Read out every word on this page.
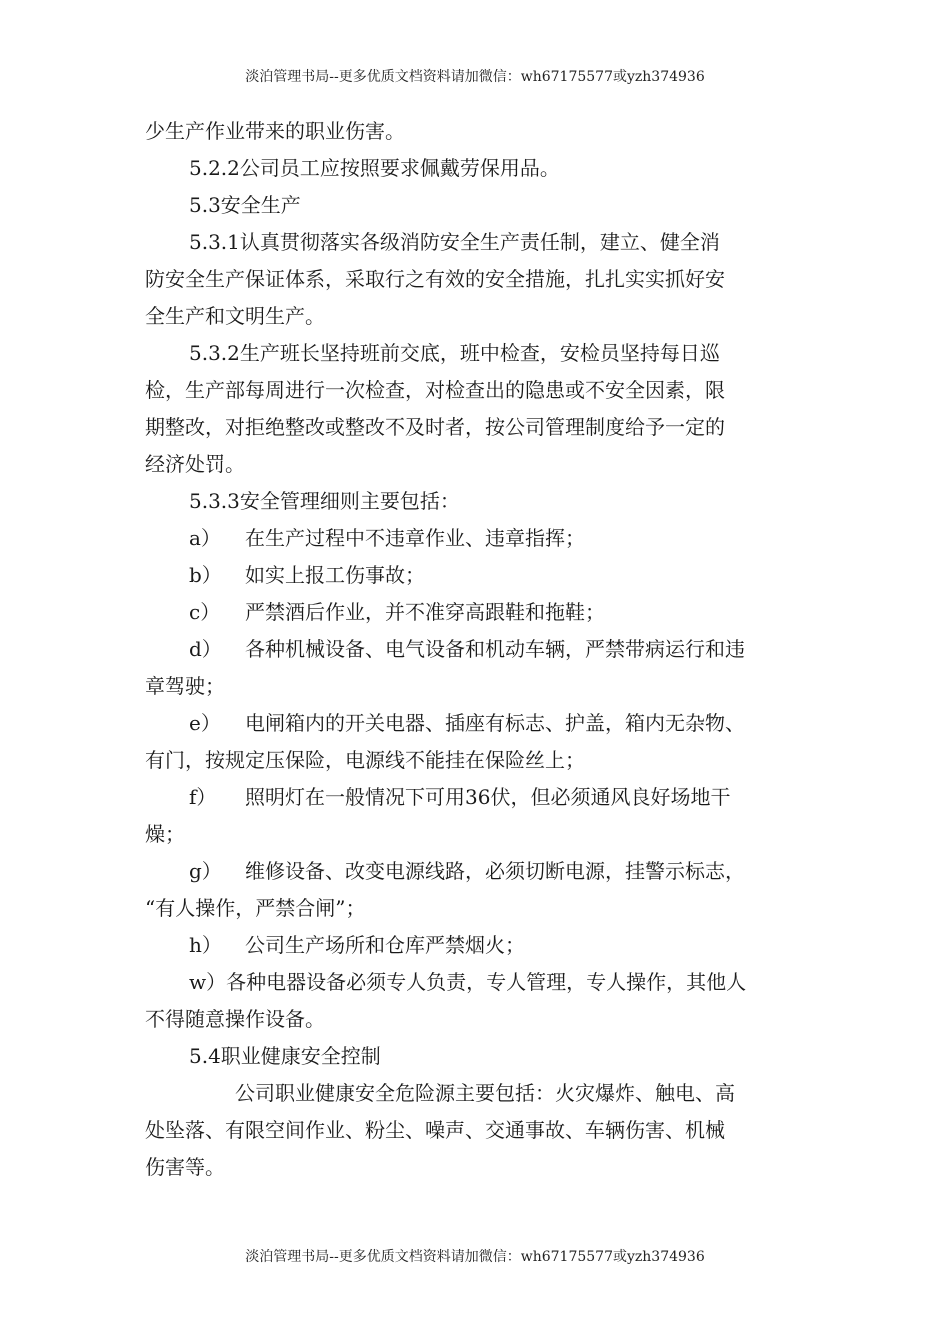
淡泊管理书局--更多优质文档资料请加微信：wh67175577或yzh374936

少生产作业带来的职业伤害。

5.2.2公司员工应按照要求佩戴劳保用品。

5.3安全生产

5.3.1认真贯彻落实各级消防安全生产责任制，建立、健全消

防安全生产保证体系，采取行之有效的安全措施，扎扎实实抓好安

全生产和文明生产。

5.3.2生产班长坚持班前交底，班中检查，安检员坚持每日巡

检，生产部每周进行一次检查，对检查出的隐患或不安全因素，限

期整改，对拒绝整改或整改不及时者，按公司管理制度给予一定的

经济处罚。

5.3.3安全管理细则主要包括：

a） 在生产过程中不违章作业、违章指挥；

b） 如实上报工伤事故；

c） 严禁酒后作业，并不准穿高跟鞋和拖鞋；

d） 各种机械设备、电气设备和机动车辆，严禁带病运行和违

章驾驶；

e） 电闸箱内的开关电器、插座有标志、护盖，箱内无杂物、

有门，按规定压保险，电源线不能挂在保险丝上；

f） 照明灯在一般情况下可用36伏，但必须通风良好场地干

燥；

g） 维修设备、改变电源线路，必须切断电源，挂警示标志，

“有人操作，严禁合闸”；

h） 公司生产场所和仓库严禁烟火；

w）各种电器设备必须专人负责，专人管理，专人操作，其他人

不得随意操作设备。

5.4职业健康安全控制

公司职业健康安全危险源主要包括：火灾爆炸、触电、高

处坠落、有限空间作业、粉尘、噪声、交通事故、车辆伤害、机械

伤害等。

淡泊管理书局--更多优质文档资料请加微信：wh67175577或yzh374936
